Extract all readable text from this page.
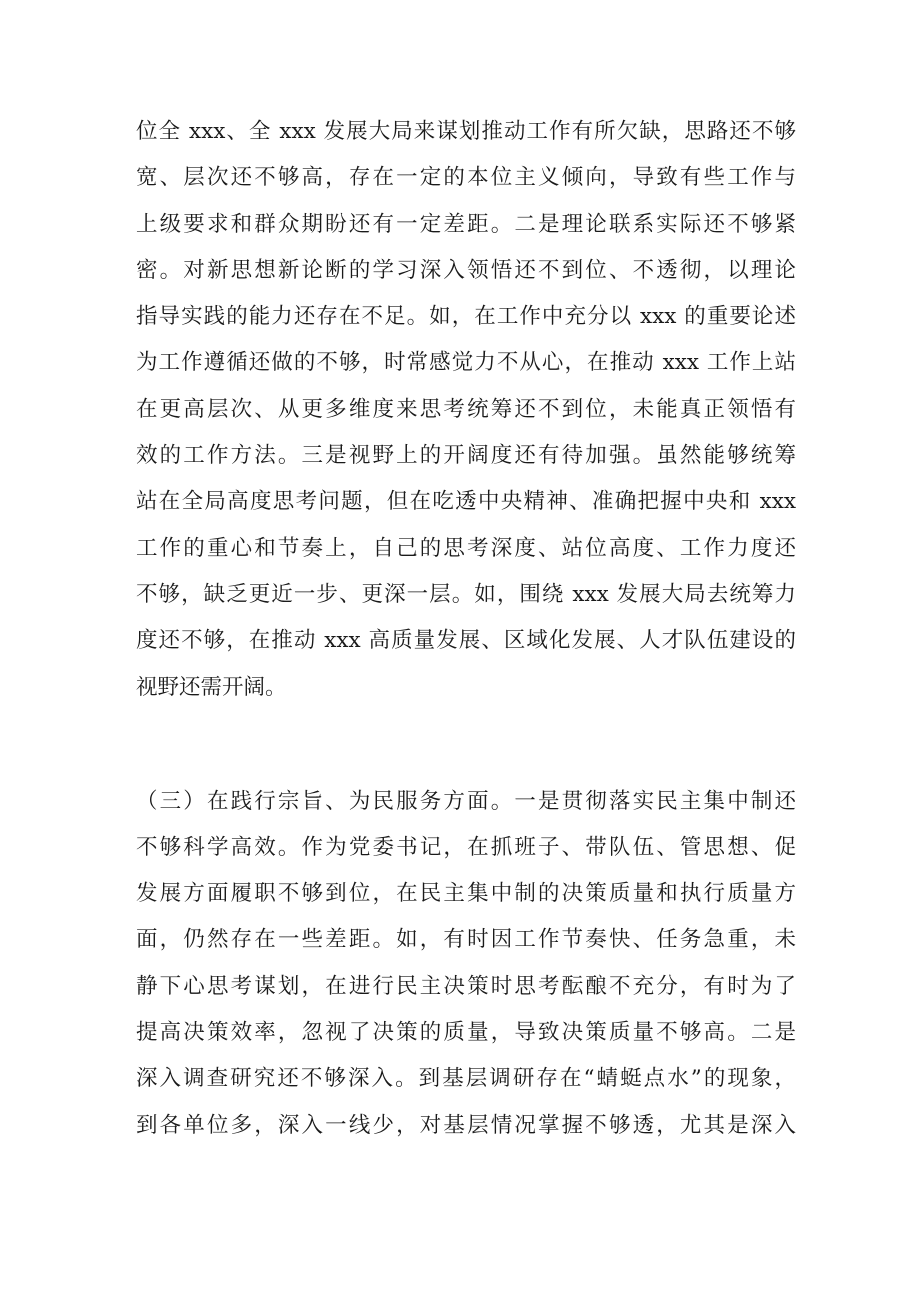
位全 xxx、全 xxx 发展大局来谋划推动工作有所欠缺，思路还不够
宽、层次还不够高，存在一定的本位主义倾向，导致有些工作与
上级要求和群众期盼还有一定差距。二是理论联系实际还不够紧
密。对新思想新论断的学习深入领悟还不到位、不透彻，以理论
指导实践的能力还存在不足。如，在工作中充分以 xxx 的重要论述
为工作遵循还做的不够，时常感觉力不从心，在推动 xxx 工作上站
在更高层次、从更多维度来思考统筹还不到位，未能真正领悟有
效的工作方法。三是视野上的开阔度还有待加强。虽然能够统筹
站在全局高度思考问题，但在吃透中央精神、准确把握中央和 xxx
工作的重心和节奏上，自己的思考深度、站位高度、工作力度还
不够，缺乏更近一步、更深一层。如，围绕 xxx 发展大局去统筹力
度还不够，在推动 xxx 高质量发展、区域化发展、人才队伍建设的
视野还需开阔。
（三）在践行宗旨、为民服务方面。一是贯彻落实民主集中制还
不够科学高效。作为党委书记，在抓班子、带队伍、管思想、促
发展方面履职不够到位，在民主集中制的决策质量和执行质量方
面，仍然存在一些差距。如，有时因工作节奏快、任务急重，未
静下心思考谋划，在进行民主决策时思考酝酿不充分，有时为了
提高决策效率，忽视了决策的质量，导致决策质量不够高。二是
深入调查研究还不够深入。到基层调研存在“蜻蜓点水”的现象，
到各单位多，深入一线少，对基层情况掌握不够透，尤其是深入
